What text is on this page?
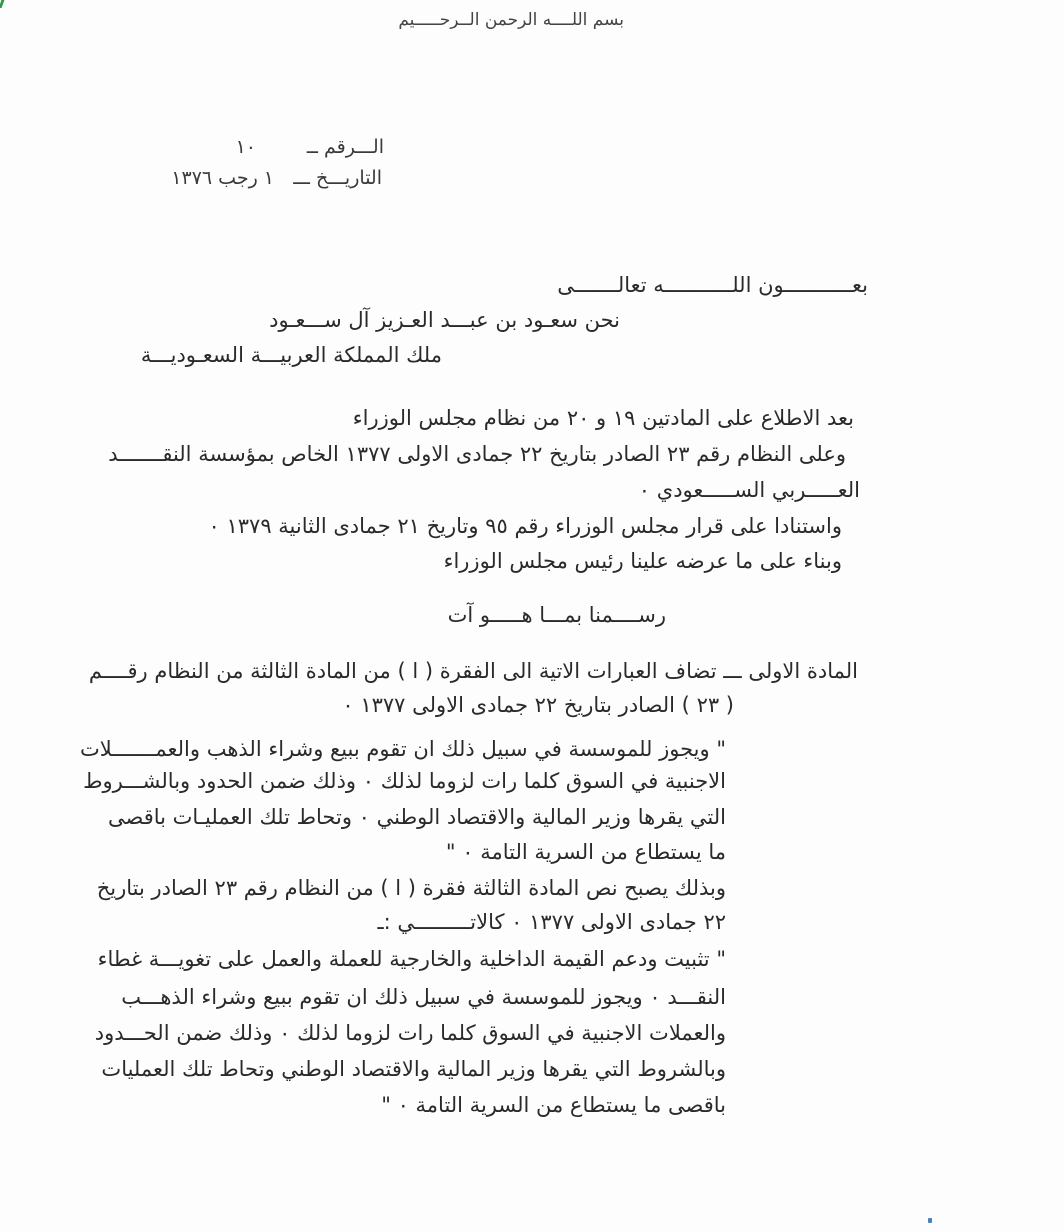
بسم اللــــه الرحمن الــرحـــــيم
الـــرقم ــ
١٠
التاريـــخ ـــ
١ رجب ١٣٧٦
بعـــــــــــون اللـــــــــــه تعالـــــــى
نحن سعـود بن عبـــد العـزيز آل ســـعـود
ملك المملكة العربيـــة السعـوديـــة
بعد الاطلاع على المادتين ١٩ و ٢٠ من نظام مجلس الوزراء
وعلى النظام رقم ٢٣ الصادر بتاريخ ٢٢ جمادى الاولى ١٣٧٧ الخاص بمؤسسة النقـــــــد
العـــــربي الســـــعودي ٠
واستنادا على قرار مجلس الوزراء رقم ٩٥ وتاريخ ٢١ جمادى الثانية ١٣٧٩ ٠
وبناء على ما عرضه علينا رئيس مجلس الوزراء
رســــمنا بمـــا هـــــو آت
المادة الاولى ـــ تضاف العبارات الاتية الى الفقرة ( ا ) من المادة الثالثة من النظام رقــــم
( ٢٣ ) الصادر بتاريخ ٢٢ جمادى الاولى ١٣٧٧ ٠
" ويجوز للموسسة في سبيل ذلك ان تقوم ببيع وشراء الذهب والعمـــــــلات
الاجنبية في السوق كلما رات لزوما لذلك ٠ وذلك ضمن الحدود وبالشـــروط
التي يقرها وزير المالية والاقتصاد الوطني ٠ وتحاط تلك العمليـات باقصى
ما يستطاع من السرية التامة ٠ "
وبذلك يصبح نص المادة الثالثة فقرة ( ا ) من النظام رقم ٢٣ الصادر بتاريخ
٢٢ جمادى الاولى ١٣٧٧ ٠ كالاتـــــــــي :ـ
" تثبيت ودعم القيمة الداخلية والخارجية للعملة والعمل على تغويـــة غطاء
النقـــد ٠ ويجوز للموسسة في سبيل ذلك ان تقوم ببيع وشراء الذهـــب
والعملات الاجنبية في السوق كلما رات لزوما لذلك ٠ وذلك ضمن الحـــدود
وبالشروط التي يقرها وزير المالية والاقتصاد الوطني وتحاط تلك العمليات
باقصى ما يستطاع من السرية التامة ٠ "
